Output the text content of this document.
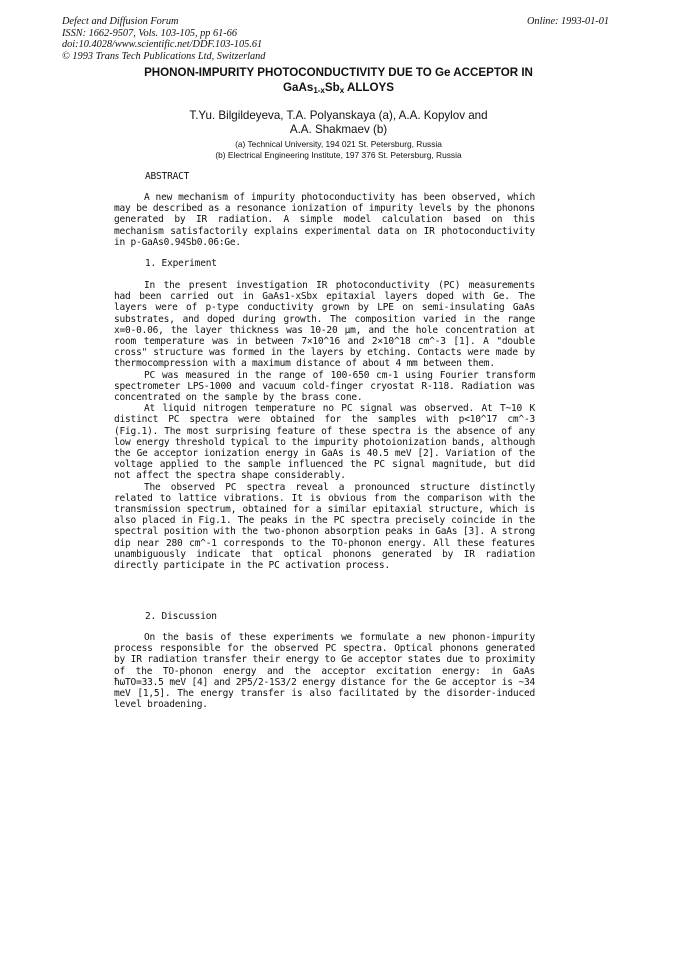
Defect and Diffusion Forum
ISSN: 1662-9507, Vols. 103-105, pp 61-66
doi:10.4028/www.scientific.net/DDF.103-105.61
© 1993 Trans Tech Publications Ltd, Switzerland
Online: 1993-01-01
PHONON-IMPURITY PHOTOCONDUCTIVITY DUE TO Ge ACCEPTOR IN
$GaAs_{1-x}Sb_x$ ALLOYS
T.Yu. Bilgildeyeva, T.A. Polyanskaya (a), A.A. Kopylov and
A.A. Shakmaev (b)
(a) Technical University, 194 021 St. Petersburg, Russia
(b) Electrical Engineering Institute, 197 376 St. Petersburg, Russia
ABSTRACT

A new mechanism of impurity photoconductivity has been observed, which may be described as a resonance ionization of impurity levels by the phonons generated by IR radiation. A simple model calculation based on this mechanism satisfactorily explains experimental data on IR photoconductivity in p-GaAs0.94Sb0.06:Ge.

1. Experiment

In the present investigation IR photoconductivity (PC) measurements had been carried out in GaAs1-xSbx epitaxial layers doped with Ge. The layers were of p-type conductivity grown by LPE on semi-insulating GaAs substrates, and doped during growth. The composition varied in the range x=0-0.06, the layer thickness was 10-20 µm, and the hole concentration at room temperature was in between 7×10^16 and 2×10^18 cm^-3 [1]. A "double cross" structure was formed in the layers by etching. Contacts were made by thermocompression with a maximum distance of about 4 mm between them.

PC was measured in the range of 100-650 cm-1 using Fourier transform spectrometer LPS-1000 and vacuum cold-finger cryostat R-118. Radiation was concentrated on the sample by the brass cone.

At liquid nitrogen temperature no PC signal was observed. At T~10 K distinct PC spectra were obtained for the samples with p<10^17 cm^-3 (Fig.1). The most surprising feature of these spectra is the absence of any low energy threshold typical to the impurity photoionization bands, although the Ge acceptor ionization energy in GaAs is 40.5 meV [2]. Variation of the voltage applied to the sample influenced the PC signal magnitude, but did not affect the spectra shape considerably.

The observed PC spectra reveal a pronounced structure distinctly related to lattice vibrations. It is obvious from the comparison with the transmission spectrum, obtained for a similar epitaxial structure, which is also placed in Fig.1. The peaks in the PC spectra precisely coincide in the spectral position with the two-phonon absorption peaks in GaAs [3]. A strong dip near 280 cm^-1 corresponds to the TO-phonon energy. All these features unambiguously indicate that optical phonons generated by IR radiation directly participate in the PC activation process.

2. Discussion

On the basis of these experiments we formulate a new phonon-impurity process responsible for the observed PC spectra. Optical phonons generated by IR radiation transfer their energy to Ge acceptor states due to proximity of the TO-phonon energy and the acceptor excitation energy: in GaAs ħωTO=33.5 meV [4] and 2P5/2-1S3/2 energy distance for the Ge acceptor is ~34 meV [1,5]. The energy transfer is also facilitated by the disorder-induced level broadening.
